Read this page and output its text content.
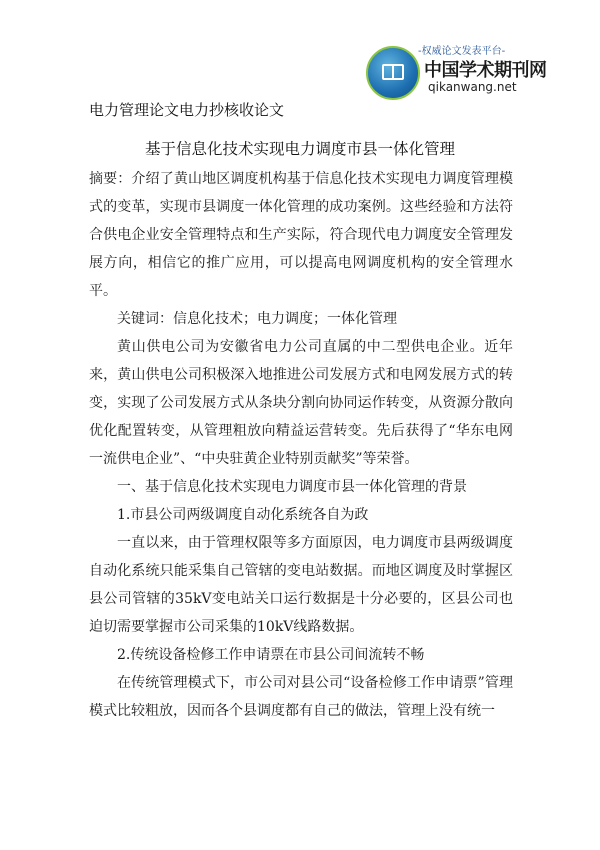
-权威论文发表平台-
中国学术期刊网
qikanwang.net
电力管理论文电力抄核收论文
基于信息化技术实现电力调度市县一体化管理

摘要：介绍了黄山地区调度机构基于信息化技术实现电力调度管理模式的变革，实现市县调度一体化管理的成功案例。这些经验和方法符合供电企业安全管理特点和生产实际，符合现代电力调度安全管理发展方向，相信它的推广应用，可以提高电网调度机构的安全管理水平。

关键词：信息化技术；电力调度；一体化管理

黄山供电公司为安徽省电力公司直属的中二型供电企业。近年来，黄山供电公司积极深入地推进公司发展方式和电网发展方式的转变，实现了公司发展方式从条块分割向协同运作转变，从资源分散向优化配置转变，从管理粗放向精益运营转变。先后获得了“华东电网一流供电企业”、“中央驻黄企业特别贡献奖”等荣誉。

一、基于信息化技术实现电力调度市县一体化管理的背景

1.市县公司两级调度自动化系统各自为政

一直以来，由于管理权限等多方面原因，电力调度市县两级调度自动化系统只能采集自己管辖的变电站数据。而地区调度及时掌握区县公司管辖的35kV变电站关口运行数据是十分必要的，区县公司也迫切需要掌握市公司采集的10kV线路数据。

2.传统设备检修工作申请票在市县公司间流转不畅

在传统管理模式下，市公司对县公司“设备检修工作申请票”管理模式比较粗放，因而各个县调度都有自己的做法，管理上没有统一
